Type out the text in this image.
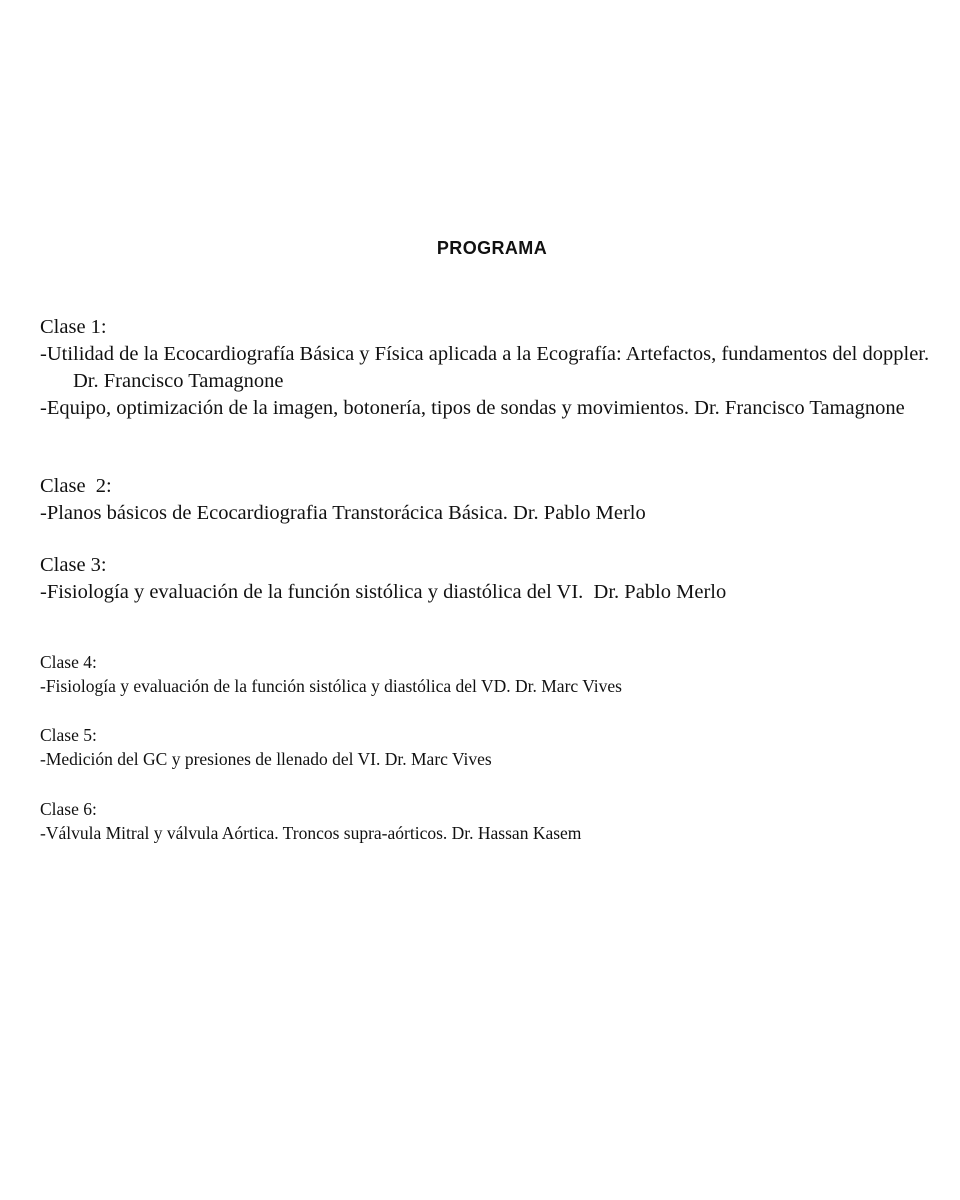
PROGRAMA
Clase 1:
-Utilidad de la Ecocardiografía Básica y Física aplicada a la Ecografía: Artefactos, fundamentos del doppler. Dr. Francisco Tamagnone
-Equipo, optimización de la imagen, botonería, tipos de sondas y movimientos. Dr. Francisco Tamagnone
Clase  2:
-Planos básicos de Ecocardiografia Transtorácica Básica. Dr. Pablo Merlo
Clase 3:
-Fisiología y evaluación de la función sistólica y diastólica del VI.  Dr. Pablo Merlo
Clase 4:
-Fisiología y evaluación de la función sistólica y diastólica del VD. Dr. Marc Vives
Clase 5:
-Medición del GC y presiones de llenado del VI. Dr. Marc Vives
Clase 6:
-Válvula Mitral y válvula Aórtica. Troncos supra-aórticos. Dr. Hassan Kasem
